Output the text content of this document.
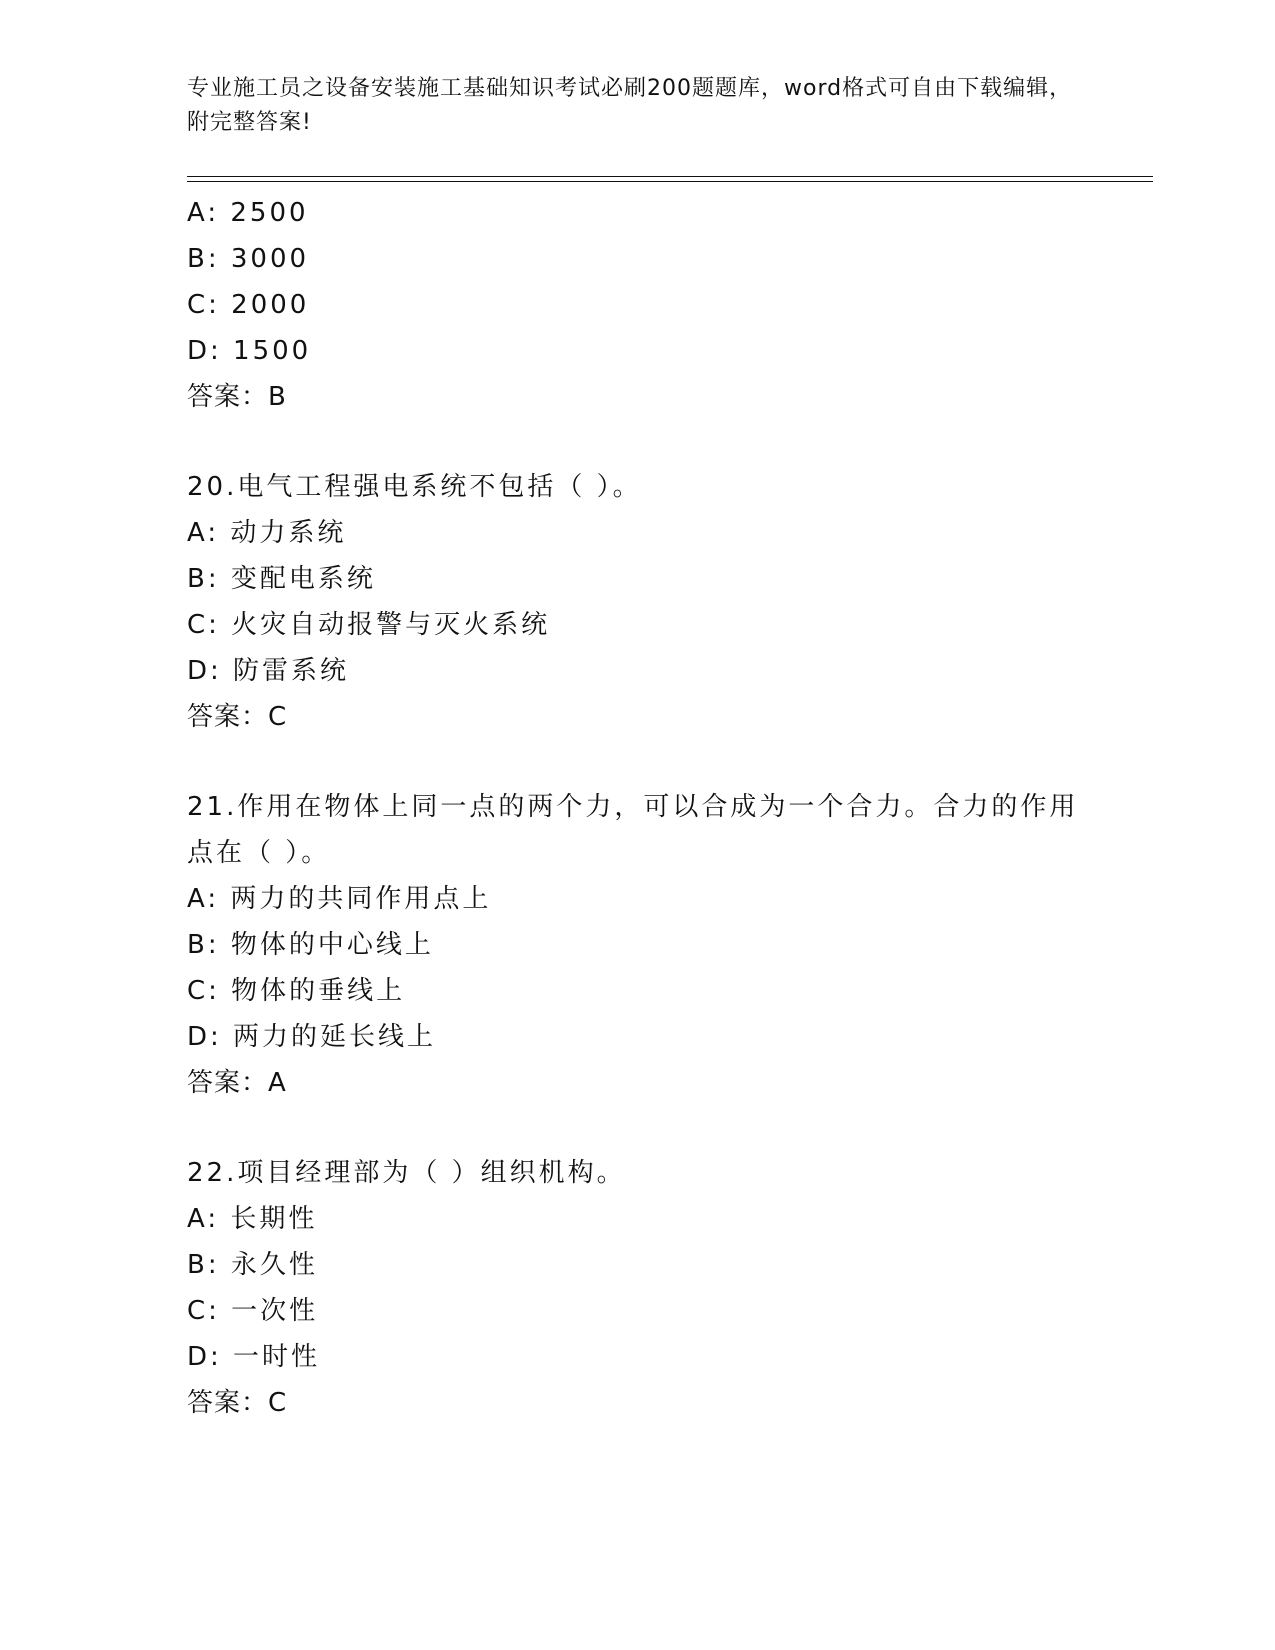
专业施工员之设备安装施工基础知识考试必刷200题题库，word格式可自由下载编辑，附完整答案!
A: 2500
B: 3000
C: 2000
D: 1500
答案：B
20.电气工程强电系统不包括（ ）。
A: 动力系统
B: 变配电系统
C: 火灾自动报警与灭火系统
D: 防雷系统
答案：C
21.作用在物体上同一点的两个力，可以合成为一个合力。合力的作用点在（ ）。
A: 两力的共同作用点上
B: 物体的中心线上
C: 物体的垂线上
D: 两力的延长线上
答案：A
22.项目经理部为（ ）组织机构。
A: 长期性
B: 永久性
C: 一次性
D: 一时性
答案：C
